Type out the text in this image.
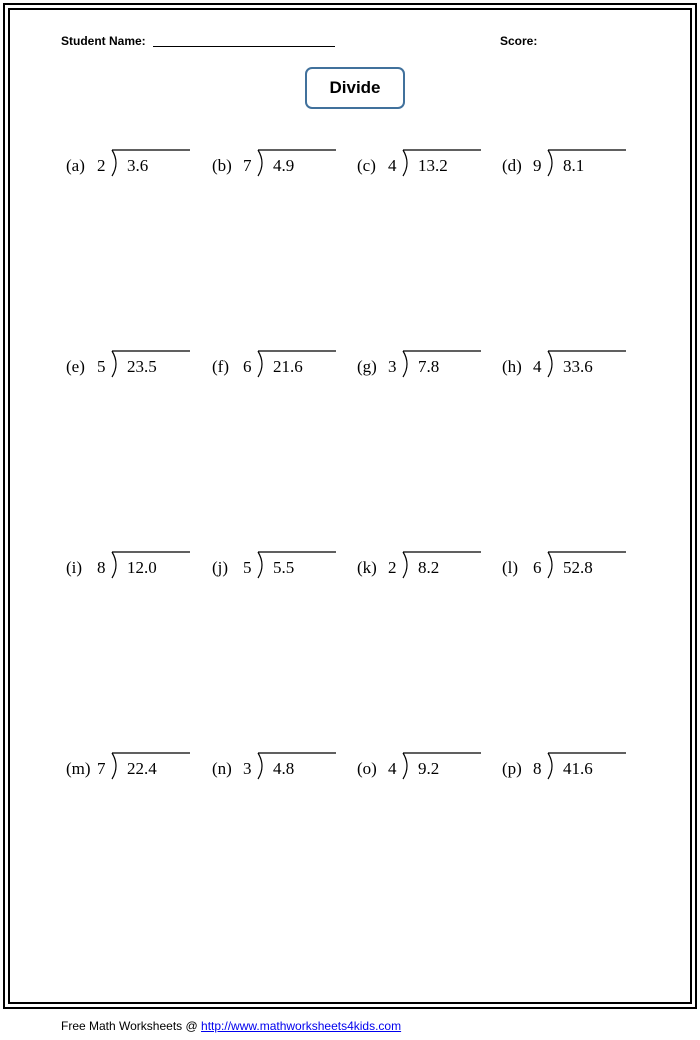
Student Name:	Score:
Divide
(a) 2 3.6	(b) 7 4.9	(c) 4 13.2	(d) 9 8.1
(e) 5 23.5	(f) 6 21.6	(g) 3 7.8	(h) 4 33.6
(i) 8 12.0	(j) 5 5.5	(k) 2 8.2	(l) 6 52.8
(m) 7 22.4	(n) 3 4.8	(o) 4 9.2	(p) 8 41.6
Free Math Worksheets @ http://www.mathworksheets4kids.com
